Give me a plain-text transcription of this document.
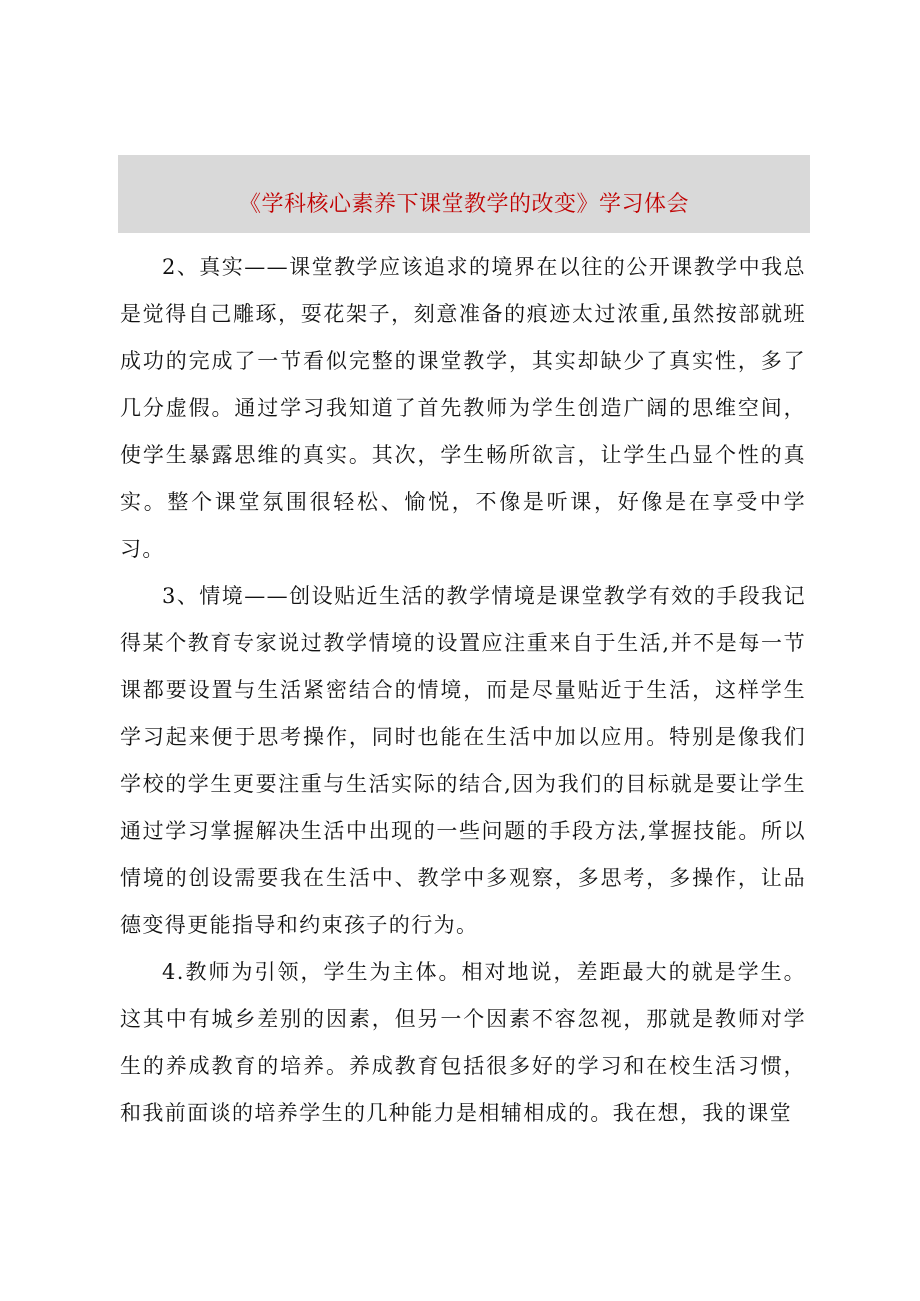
《学科核心素养下课堂教学的改变》学习体会

2、真实——课堂教学应该追求的境界在以往的公开课教学中我总是觉得自己雕琢，耍花架子，刻意准备的痕迹太过浓重,虽然按部就班成功的完成了一节看似完整的课堂教学，其实却缺少了真实性，多了几分虚假。通过学习我知道了首先教师为学生创造广阔的思维空间，使学生暴露思维的真实。其次，学生畅所欲言，让学生凸显个性的真实。整个课堂氛围很轻松、愉悦，不像是听课，好像是在享受中学习。

3、情境——创设贴近生活的教学情境是课堂教学有效的手段我记得某个教育专家说过教学情境的设置应注重来自于生活,并不是每一节课都要设置与生活紧密结合的情境，而是尽量贴近于生活，这样学生学习起来便于思考操作，同时也能在生活中加以应用。特别是像我们学校的学生更要注重与生活实际的结合,因为我们的目标就是要让学生通过学习掌握解决生活中出现的一些问题的手段方法,掌握技能。所以情境的创设需要我在生活中、教学中多观察，多思考，多操作，让品德变得更能指导和约束孩子的行为。

4.教师为引领，学生为主体。相对地说，差距最大的就是学生。这其中有城乡差别的因素，但另一个因素不容忽视，那就是教师对学生的养成教育的培养。养成教育包括很多好的学习和在校生活习惯，和我前面谈的培养学生的几种能力是相辅相成的。我在想，我的课堂
